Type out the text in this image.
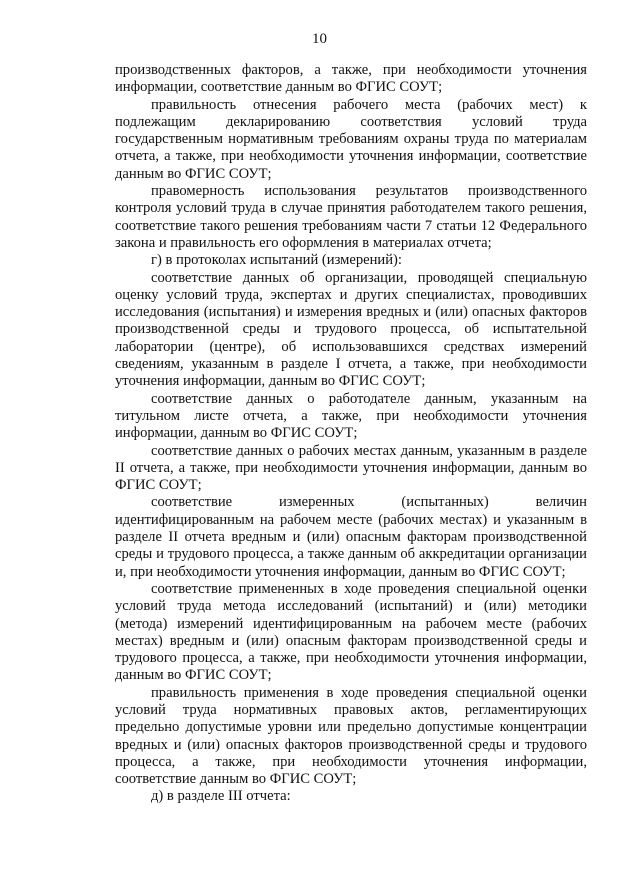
10

производственных факторов, а также, при необходимости уточнения информации, соответствие данным во ФГИС СОУТ;

правильность отнесения рабочего места (рабочих мест) к подлежащим декларированию соответствия условий труда государственным нормативным требованиям охраны труда по материалам отчета, а также, при необходимости уточнения информации, соответствие данным во ФГИС СОУТ;

правомерность использования результатов производственного контроля условий труда в случае принятия работодателем такого решения, соответствие такого решения требованиям части 7 статьи 12 Федерального закона и правильность его оформления в материалах отчета;

г) в протоколах испытаний (измерений):

соответствие данных об организации, проводящей специальную оценку условий труда, экспертах и других специалистах, проводивших исследования (испытания) и измерения вредных и (или) опасных факторов производственной среды и трудового процесса, об испытательной лаборатории (центре), об использовавшихся средствах измерений сведениям, указанным в разделе I отчета, а также, при необходимости уточнения информации, данным во ФГИС СОУТ;

соответствие данных о работодателе данным, указанным на титульном листе отчета, а также, при необходимости уточнения информации, данным во ФГИС СОУТ;

соответствие данных о рабочих местах данным, указанным в разделе II отчета, а также, при необходимости уточнения информации, данным во ФГИС СОУТ;

соответствие измеренных (испытанных) величин идентифицированным на рабочем месте (рабочих местах) и указанным в разделе II отчета вредным и (или) опасным факторам производственной среды и трудового процесса, а также данным об аккредитации организации и, при необходимости уточнения информации, данным во ФГИС СОУТ;

соответствие примененных в ходе проведения специальной оценки условий труда метода исследований (испытаний) и (или) методики (метода) измерений идентифицированным на рабочем месте (рабочих местах) вредным и (или) опасным факторам производственной среды и трудового процесса, а также, при необходимости уточнения информации, данным во ФГИС СОУТ;

правильность применения в ходе проведения специальной оценки условий труда нормативных правовых актов, регламентирующих предельно допустимые уровни или предельно допустимые концентрации вредных и (или) опасных факторов производственной среды и трудового процесса, а также, при необходимости уточнения информации, соответствие данным во ФГИС СОУТ;

д) в разделе III отчета:
